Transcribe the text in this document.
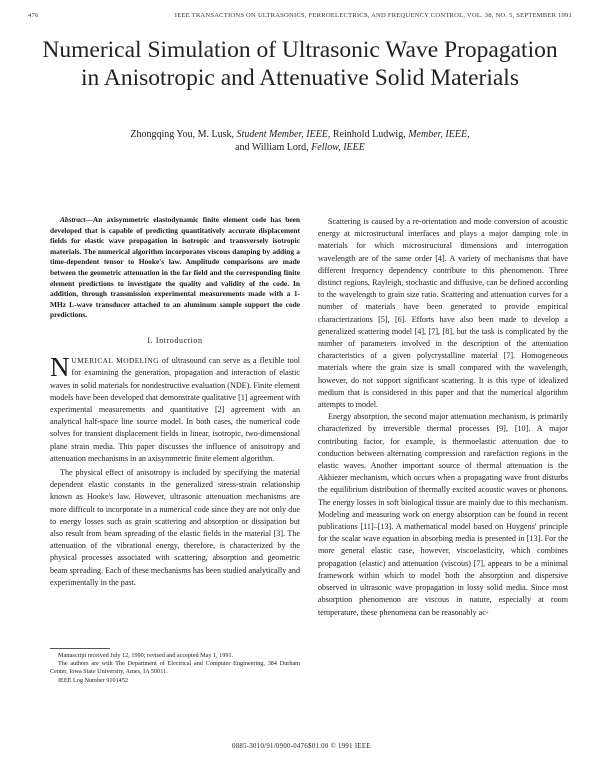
476	IEEE TRANSACTIONS ON ULTRASONICS, FERROELECTRICS, AND FREQUENCY CONTROL, VOL. 38, NO. 5, SEPTEMBER 1991
Numerical Simulation of Ultrasonic Wave Propagation in Anisotropic and Attenuative Solid Materials
Zhongqing You, M. Lusk, Student Member, IEEE, Reinhold Ludwig, Member, IEEE,
and William Lord, Fellow, IEEE

Abstract—An axisymmetric elastodynamic finite element code has been developed that is capable of predicting quantitatively accurate displacement fields for elastic wave propagation in isotropic and transversely isotropic materials. The numerical algorithm incorporates viscous damping by adding a time-dependent tensor to Hooke's law. Amplitude comparisons are made between the geometric attenuation in the far field and the corresponding finite element predictions to investigate the quality and validity of the code. In addition, through transmission experimental measurements made with a 1-MHz L-wave transducer attached to an aluminum sample support the code predictions.

I. Introduction

NUMERICAL MODELING of ultrasound can serve as a flexible tool for examining the generation, propagation and interaction of elastic waves in solid materials for nondestructive evaluation (NDE). Finite element models have been developed that demonstrate qualitative [1] agreement with experimental measurements and quantitative [2] agreement with an analytical half-space line source model. In both cases, the numerical code solves for transient displacement fields in linear, isotropic, two-dimensional plane strain media. This paper discusses the influence of anisotropy and attenuation mechanisms in an axisymmetric finite element algorithm.

The physical effect of anisotropy is included by specifying the material dependent elastic constants in the generalized stress-strain relationship known as Hooke's law. However, ultrasonic attenuation mechanisms are more difficult to incorporate in a numerical code since they are not only due to energy losses such as grain scattering and absorption or dissipation but also result from beam spreading of the elastic fields in the material [3]. The attenuation of the vibrational energy, therefore, is characterized by the physical processes associated with scattering, absorption and geometric beam spreading. Each of these mechanisms has been studied analytically and experimentally in the past.

Scattering is caused by a re-orientation and mode conversion of acoustic energy at microstructural interfaces and plays a major damping role in materials for which microstructural dimensions and interrogation wavelength are of the same order [4]. A variety of mechanisms that have different frequency dependency contribute to this phenomenon. Three distinct regions, Rayleigh, stochastic and diffusive, can be defined according to the wavelength to grain size ratio. Scattering and attenuation curves for a number of materials have been generated to provide empirical characterizations [5], [6]. Efforts have also been made to develop a generalized scattering model [4], [7], [8], but the task is complicated by the number of parameters involved in the description of the attenuation characteristics of a given polycrystalline material [7]. Homogeneous materials where the grain size is small compared with the wavelength, however, do not support significant scattering. It is this type of idealized medium that is considered in this paper and that the numerical algorithm attempts to model.

Energy absorption, the second major attenuation mechanism, is primarily characterized by irreversible thermal processes [9], [10]. A major contributing factor, for example, is thermoelastic attenuation due to conduction between alternating compression and rarefaction regions in the elastic waves. Another important source of thermal attenuation is the Akhiezer mechanism, which occurs when a propagating wave front disturbs the equilibrium distribution of thermally excited acoustic waves or phonons. The energy losses in soft biological tissue are mainly due to this mechanism. Modeling and measuring work on energy absorption can be found in recent publications [11]–[13]. A mathematical model based on Huygens' principle for the scalar wave equation in absorbing media is presented in [13]. For the more general elastic case, however, viscoelasticity, which combines propagation (elastic) and attenuation (viscous) [7], appears to be a minimal framework within which to model both the absorption and dispersive observed in ultrasonic wave propagation in lossy solid media. Since most absorption phenomenon are viscous in nature, especially at room temperature, these phenomena can be reasonably ac-

Manuscript received July 12, 1990; revised and accepted May 1, 1991.
The authors are with The Department of Electrical and Computer Engineering, 384 Durham Center, Iowa State University, Ames, IA 50011.
IEEE Log Number 9101452
0885-3010/91/0900-0476$01.00 © 1991 IEEE
